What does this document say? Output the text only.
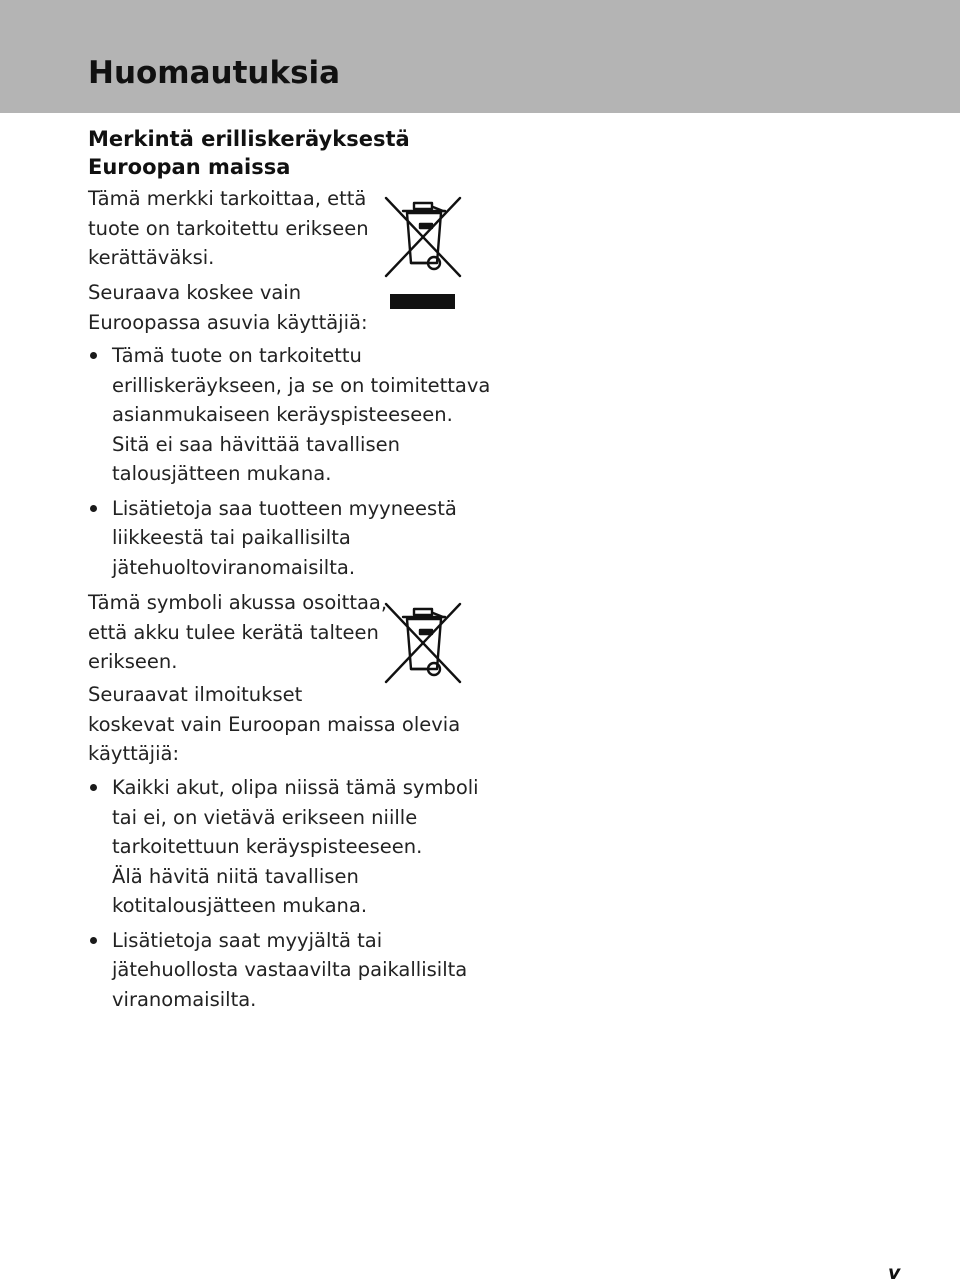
Huomautuksia
Merkintä erilliskeräyksestä
Euroopan maissa

Tämä merkki tarkoittaa, että
tuote on tarkoitettu erikseen
kerättäväksi.

Seuraava koskee vain
Euroopassa asuvia käyttäjiä:

Tämä tuote on tarkoitettu
erilliskeräykseen, ja se on toimitettava
asianmukaiseen keräyspisteeseen.
Sitä ei saa hävittää tavallisen
talousjätteen mukana.
Lisätietoja saa tuotteen myyneestä
liikkeestä tai paikallisilta
jätehuoltoviranomaisilta.

Tämä symboli akussa osoittaa,
että akku tulee kerätä talteen
erikseen.

Seuraavat ilmoitukset
koskevat vain Euroopan maissa olevia
käyttäjiä:

Kaikki akut, olipa niissä tämä symboli
tai ei, on vietävä erikseen niille
tarkoitettuun keräyspisteeseen.
Älä hävitä niitä tavallisen
kotitalousjätteen mukana.
Lisätietoja saat myyjältä tai
jätehuollosta vastaavilta paikallisilta
viranomaisilta.
v
